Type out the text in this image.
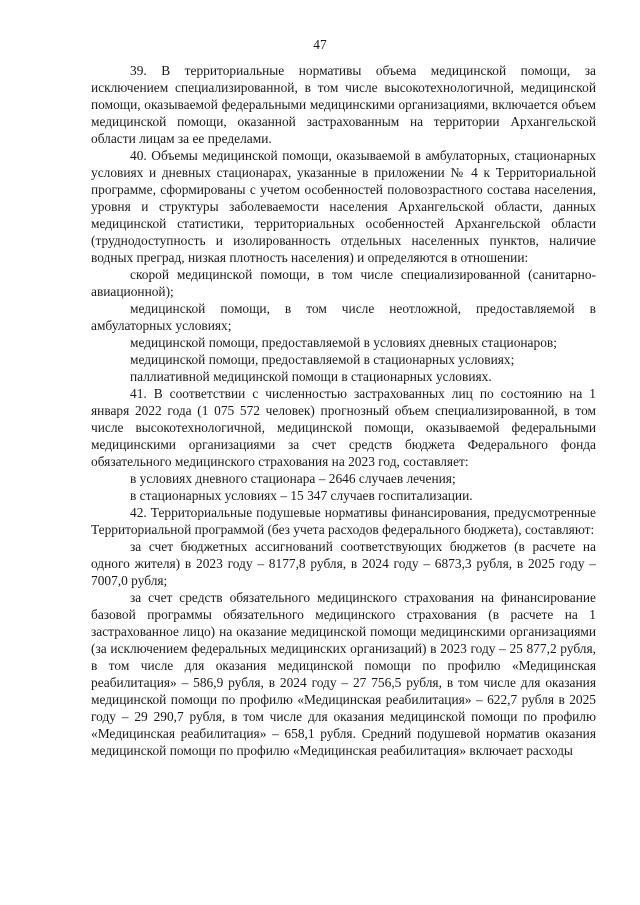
47

39. В территориальные нормативы объема медицинской помощи, за исключением специализированной, в том числе высокотехнологичной, медицинской помощи, оказываемой федеральными медицинскими организациями, включается объем медицинской помощи, оказанной застрахованным на территории Архангельской области лицам за ее пределами.

40. Объемы медицинской помощи, оказываемой в амбулаторных, стационарных условиях и дневных стационарах, указанные в приложении № 4 к Территориальной программе, сформированы с учетом особенностей половозрастного состава населения, уровня и структуры заболеваемости населения Архангельской области, данных медицинской статистики, территориальных особенностей Архангельской области (труднодоступность и изолированность отдельных населенных пунктов, наличие водных преград, низкая плотность населения) и определяются в отношении:

скорой медицинской помощи, в том числе специализированной (санитарно-авиационной);

медицинской помощи, в том числе неотложной, предоставляемой в амбулаторных условиях;

медицинской помощи, предоставляемой в условиях дневных стационаров;

медицинской помощи, предоставляемой в стационарных условиях;

паллиативной медицинской помощи в стационарных условиях.

41. В соответствии с численностью застрахованных лиц по состоянию на 1 января 2022 года (1 075 572 человек) прогнозный объем специализированной, в том числе высокотехнологичной, медицинской помощи, оказываемой федеральными медицинскими организациями за счет средств бюджета Федерального фонда обязательного медицинского страхования на 2023 год, составляет:

в условиях дневного стационара – 2646 случаев лечения;

в стационарных условиях – 15 347 случаев госпитализации.

42. Территориальные подушевые нормативы финансирования, предусмотренные Территориальной программой (без учета расходов федерального бюджета), составляют:

за счет бюджетных ассигнований соответствующих бюджетов (в расчете на одного жителя) в 2023 году – 8177,8 рубля, в 2024 году – 6873,3 рубля, в 2025 году – 7007,0 рубля;

за счет средств обязательного медицинского страхования на финансирование базовой программы обязательного медицинского страхования (в расчете на 1 застрахованное лицо) на оказание медицинской помощи медицинскими организациями (за исключением федеральных медицинских организаций) в 2023 году – 25 877,2 рубля, в том числе для оказания медицинской помощи по профилю «Медицинская реабилитация» – 586,9 рубля, в 2024 году – 27 756,5 рубля, в том числе для оказания медицинской помощи по профилю «Медицинская реабилитация» – 622,7 рубля в 2025 году – 29 290,7 рубля, в том числе для оказания медицинской помощи по профилю «Медицинская реабилитация» – 658,1 рубля. Средний подушевой норматив оказания медицинской помощи по профилю «Медицинская реабилитация» включает расходы
